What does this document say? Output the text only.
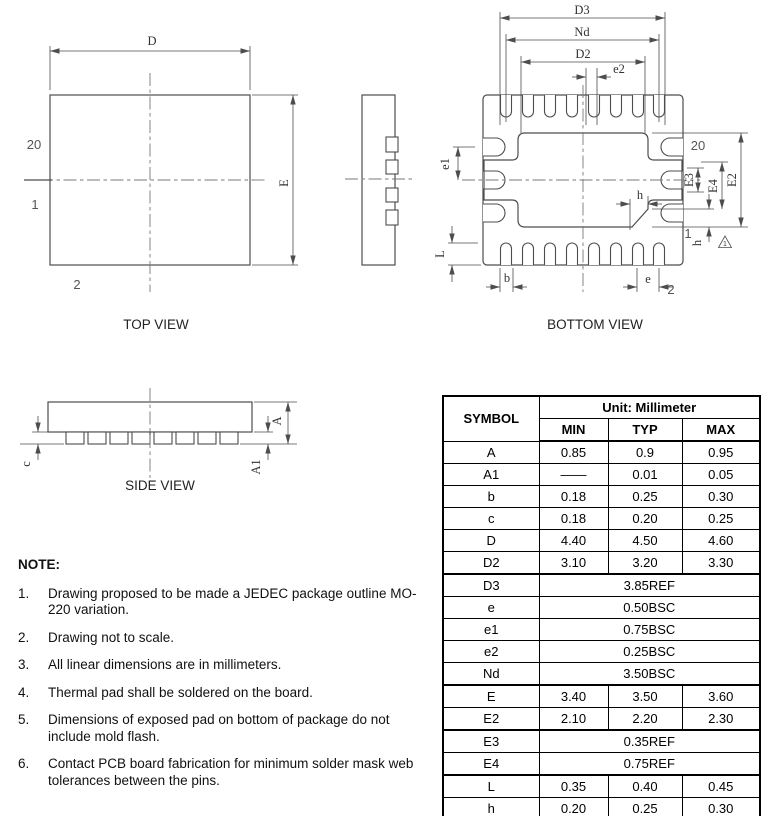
D
E
20
1
2
TOP VIEW
D3
Nd
D2
e2
e1
L
b	e
2
h
h
E3 E4 E2
20
1
1
BOTTOM VIEW
A
A1
c
SIDE VIEW
NOTE:
1.	Drawing proposed to be made a JEDEC package outline MO-220 variation.
2.	Drawing not to scale.
3.	All linear dimensions are in millimeters.
4.	Thermal pad shall be soldered on the board.
5.	Dimensions of exposed pad on bottom of package do not include mold flash.
6.	Contact PCB board fabrication for minimum solder mask web tolerances between the pins.
SYMBOL	Unit: Millimeter		
	MIN	TYP	MAX
A	0.85	0.9	0.95
A1	——	0.01	0.05
b	0.18	0.25	0.30
c	0.18	0.20	0.25
D	4.40	4.50	4.60
D2	3.10	3.20	3.30
D3	3.85REF		
e	0.50BSC		
e1	0.75BSC		
e2	0.25BSC		
Nd	3.50BSC		
E	3.40	3.50	3.60
E2	2.10	2.20	2.30
E3	0.35REF		
E4	0.75REF		
L	0.35	0.40	0.45
h	0.20	0.25	0.30
